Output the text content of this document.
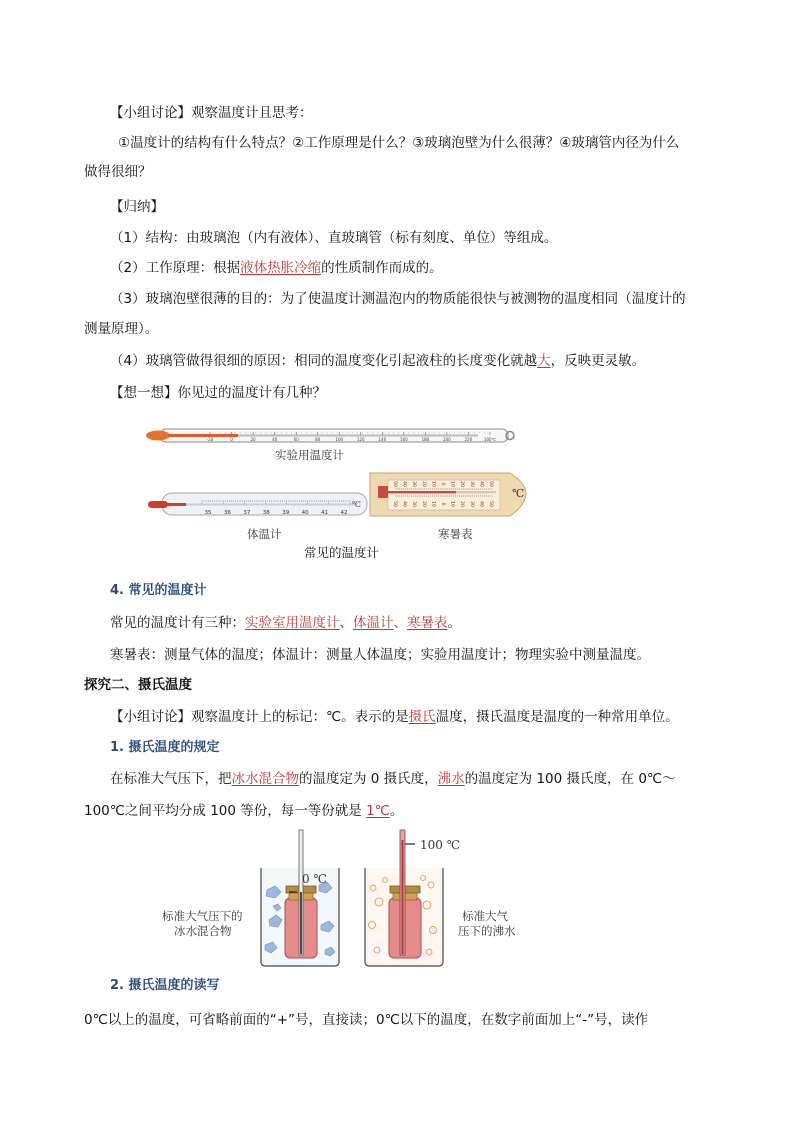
【小组讨论】观察温度计且思考：
①温度计的结构有什么特点？②工作原理是什么？③玻璃泡壁为什么很薄？④玻璃管内径为什么
做得很细？
【归纳】
（1）结构：由玻璃泡（内有液体）、直玻璃管（标有刻度、单位）等组成。
（2）工作原理：根据液体热胀冷缩的性质制作而成的。
（3）玻璃泡壁很薄的目的：为了使温度计测温泡内的物质能很快与被测物的温度相同（温度计的
测量原理）。
（4）玻璃管做得很细的原因：相同的温度变化引起液柱的长度变化就越大，反映更灵敏。
【想一想】你见过的温度计有几种？
-20	0	20	40	60	80	100	120	140	160	180	200	220	100℃
35 36 37 38 39 40 41 42
50
50
40
40
30
30
20
20
10
10
0
0
10
10
20
20
30
30
40
40
50
50
实验用温度计
体温计	寒暑表
常见的温度计
℃
℃
4. 常见的温度计
常见的温度计有三种：实验室用温度计、体温计、寒暑表。
寒暑表：测量气体的温度；体温计：测量人体温度；实验用温度计；物理实验中测量温度。
探究二、摄氏温度
【小组讨论】观察温度计上的标记：℃。表示的是摄氏温度，摄氏温度是温度的一种常用单位。
1. 摄氏温度的规定
在标准大气压下，把冰水混合物的温度定为 0 摄氏度，沸水的温度定为 100 摄氏度，在 0℃～
100℃之间平均分成 100 等份，每一等份就是 1℃。
0 ℃
100 ℃
标准大气压下的
冰水混合物
标准大气
压下的沸水
2. 摄氏温度的读写
0℃以上的温度，可省略前面的“+”号，直接读；0℃以下的温度，在数字前面加上“-”号，读作
